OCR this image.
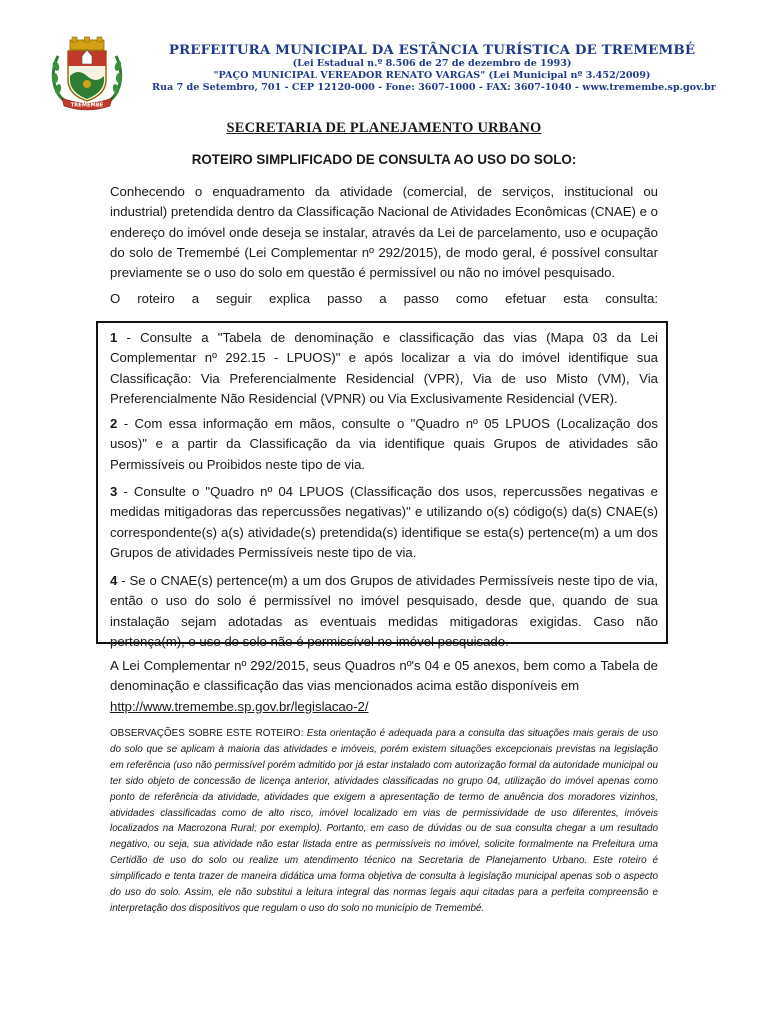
TREMEMBÉ
PREFEITURA MUNICIPAL DA ESTÂNCIA TURÍSTICA DE TREMEMBÉ
(Lei Estadual n.º 8.506 de 27 de dezembro de 1993)
"PAÇO MUNICIPAL VEREADOR RENATO VARGAS" (Lei Municipal nº 3.452/2009)
Rua 7 de Setembro, 701 - CEP 12120-000 - Fone: 3607-1000 - FAX: 3607-1040 - www.tremembe.sp.gov.br
SECRETARIA DE PLANEJAMENTO URBANO
ROTEIRO SIMPLIFICADO DE CONSULTA AO USO DO SOLO:
Conhecendo o enquadramento da atividade (comercial, de serviços, institucional ou industrial) pretendida dentro da Classificação Nacional de Atividades Econômicas (CNAE) e o endereço do imóvel onde deseja se instalar, através da Lei de parcelamento, uso e ocupação do solo de Tremembé (Lei Complementar nº 292/2015), de modo geral, é possível consultar previamente se o uso do solo em questão é permissível ou não no imóvel pesquisado.
O roteiro a seguir explica passo a passo como efetuar esta consulta:
1 - Consulte a "Tabela de denominação e classificação das vias (Mapa 03 da Lei Complementar nº 292.15 - LPUOS)" e após localizar a via do imóvel identifique sua Classificação: Via Preferencialmente Residencial (VPR), Via de uso Misto (VM), Via Preferencialmente Não Residencial (VPNR) ou Via Exclusivamente Residencial (VER).
2 - Com essa informação em mãos, consulte o "Quadro nº 05 LPUOS (Localização dos usos)" e a partir da Classificação da via identifique quais Grupos de atividades são Permissíveis ou Proibidos neste tipo de via.
3 - Consulte o "Quadro nº 04 LPUOS (Classificação dos usos, repercussões negativas e medidas mitigadoras das repercussões negativas)" e utilizando o(s) código(s) da(s) CNAE(s) correspondente(s) a(s) atividade(s) pretendida(s) identifique se esta(s) pertence(m) a um dos Grupos de atividades Permissíveis neste tipo de via.
4 - Se o CNAE(s) pertence(m) a um dos Grupos de atividades Permissíveis neste tipo de via, então o uso do solo é permissível no imóvel pesquisado, desde que, quando de sua instalação sejam adotadas as eventuais medidas mitigadoras exigidas. Caso não pertença(m), o uso do solo não é permissível no imóvel pesquisado.
A Lei Complementar nº 292/2015, seus Quadros nº's 04 e 05 anexos, bem como a Tabela de denominação e classificação das vias mencionados acima estão disponíveis em
http://www.tremembe.sp.gov.br/legislacao-2/
OBSERVAÇÕES SOBRE ESTE ROTEIRO: Esta orientação é adequada para a consulta das situações mais gerais de uso do solo que se aplicam à maioria das atividades e imóveis, porém existem situações excepcionais previstas na legislação em referência (uso não permissível porém admitido por já estar instalado com autorização formal da autoridade municipal ou ter sido objeto de concessão de licença anterior, atividades classificadas no grupo 04, utilização do imóvel apenas como ponto de referência da atividade, atividades que exigem a apresentação de termo de anuência dos moradores vizinhos, atividades classificadas como de alto risco, imóvel localizado em vias de permissividade de uso diferentes, imóveis localizados na Macrozona Rural; por exemplo). Portanto, em caso de dúvidas ou de sua consulta chegar a um resultado negativo, ou seja, sua atividade não estar listada entre as permissíveis no imóvel, solicite formalmente na Prefeitura uma Certidão de uso do solo ou realize um atendimento técnico na Secretaria de Planejamento Urbano. Este roteiro é simplificado e tenta trazer de maneira didática uma forma objetiva de consulta à legislação municipal apenas sob o aspecto do uso do solo. Assim, ele não substitui a leitura integral das normas legais aqui citadas para a perfeita compreensão e interpretação dos dispositivos que regulam o uso do solo no município de Tremembé.
